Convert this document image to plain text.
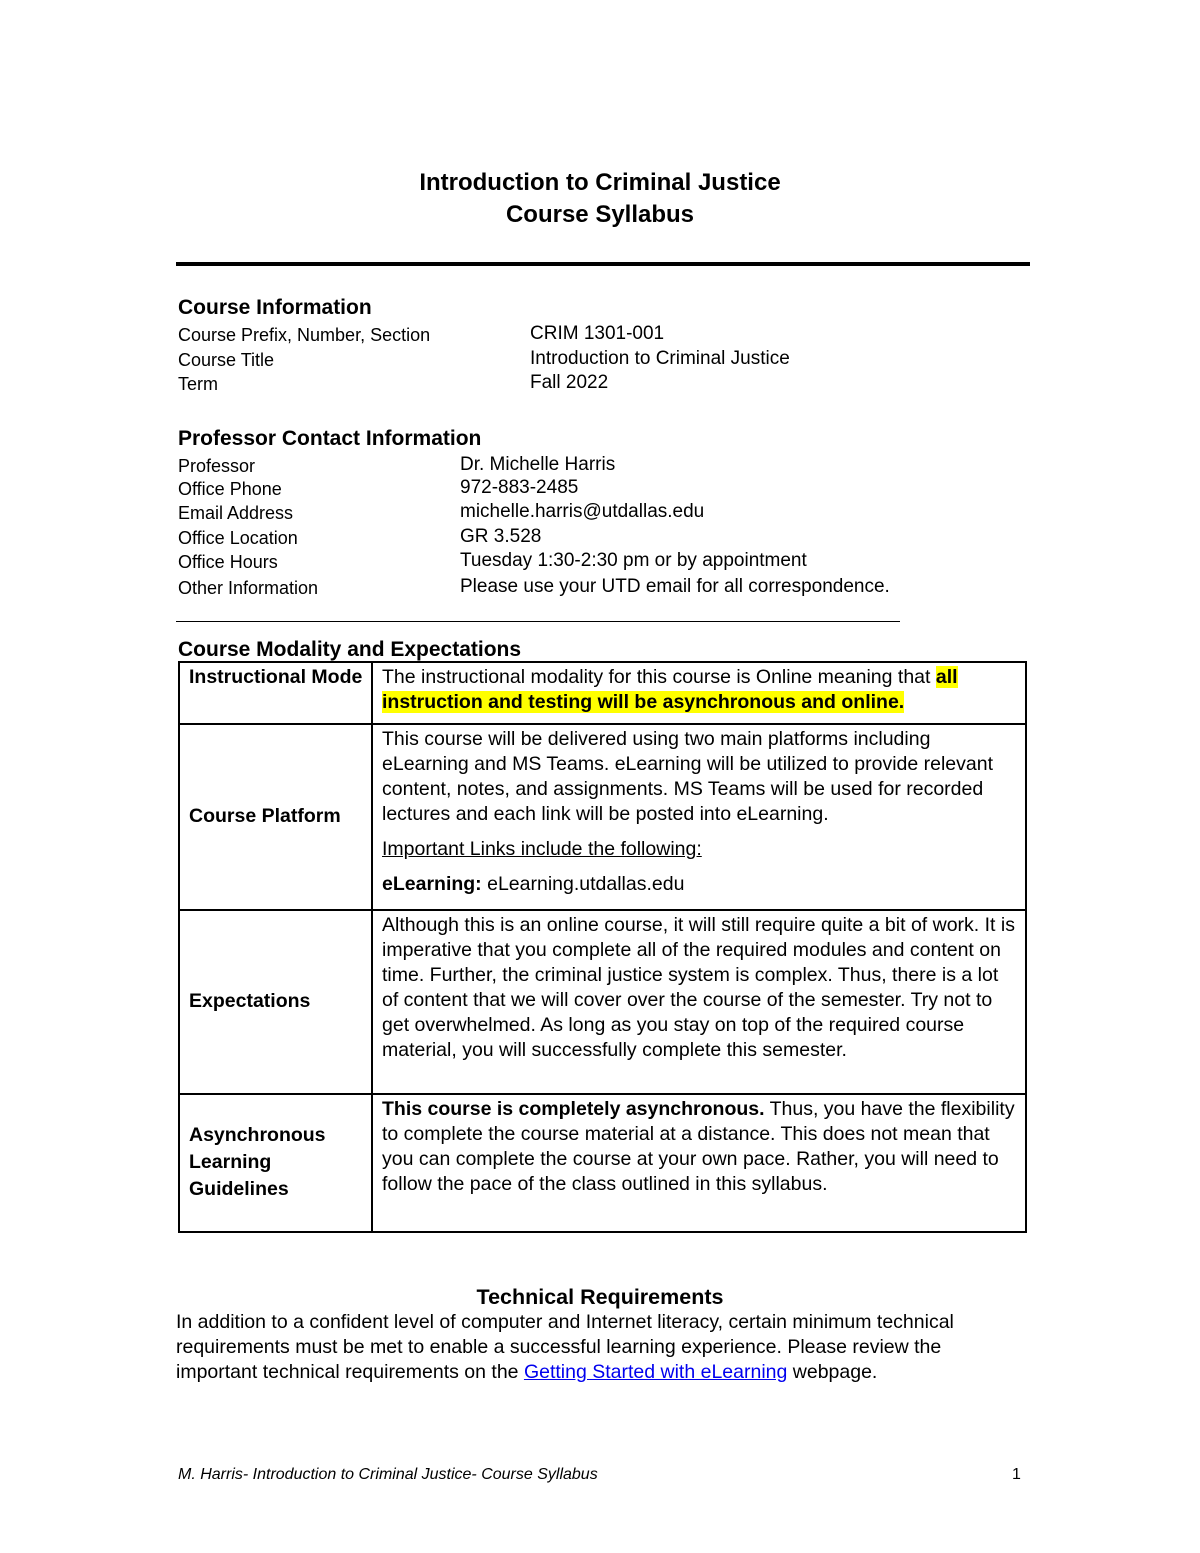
Introduction to Criminal Justice
Course Syllabus
Course Information
Course Prefix, Number, Section	CRIM 1301-001
Course Title	Introduction to Criminal Justice
Term	Fall 2022
Professor Contact Information
Professor	Dr. Michelle Harris
Office Phone	972-883-2485
Email Address	michelle.harris@utdallas.edu
Office Location	GR 3.528
Office Hours	Tuesday 1:30-2:30 pm or by appointment
Other Information	Please use your UTD email for all correspondence.
Course Modality and Expectations
Instructional Mode	The instructional modality for this course is Online meaning that all instruction and testing will be asynchronous and online.
Course Platform	This course will be delivered using two main platforms including eLearning and MS Teams. eLearning will be utilized to provide relevant content, notes, and assignments. MS Teams will be used for recorded lectures and each link will be posted into eLearning.
Important Links include the following:
eLearning: eLearning.utdallas.edu

Expectations	Although this is an online course, it will still require quite a bit of work. It is imperative that you complete all of the required modules and content on time. Further, the criminal justice system is complex. Thus, there is a lot of content that we will cover over the course of the semester. Try not to get overwhelmed. As long as you stay on top of the required course material, you will successfully complete this semester.
Asynchronous Learning Guidelines	This course is completely asynchronous. Thus, you have the flexibility to complete the course material at a distance. This does not mean that you can complete the course at your own pace. Rather, you will need to follow the pace of the class outlined in this syllabus.
Technical Requirements
In addition to a confident level of computer and Internet literacy, certain minimum technical requirements must be met to enable a successful learning experience. Please review the important technical requirements on the Getting Started with eLearning webpage.
M. Harris- Introduction to Criminal Justice- Course Syllabus	1
